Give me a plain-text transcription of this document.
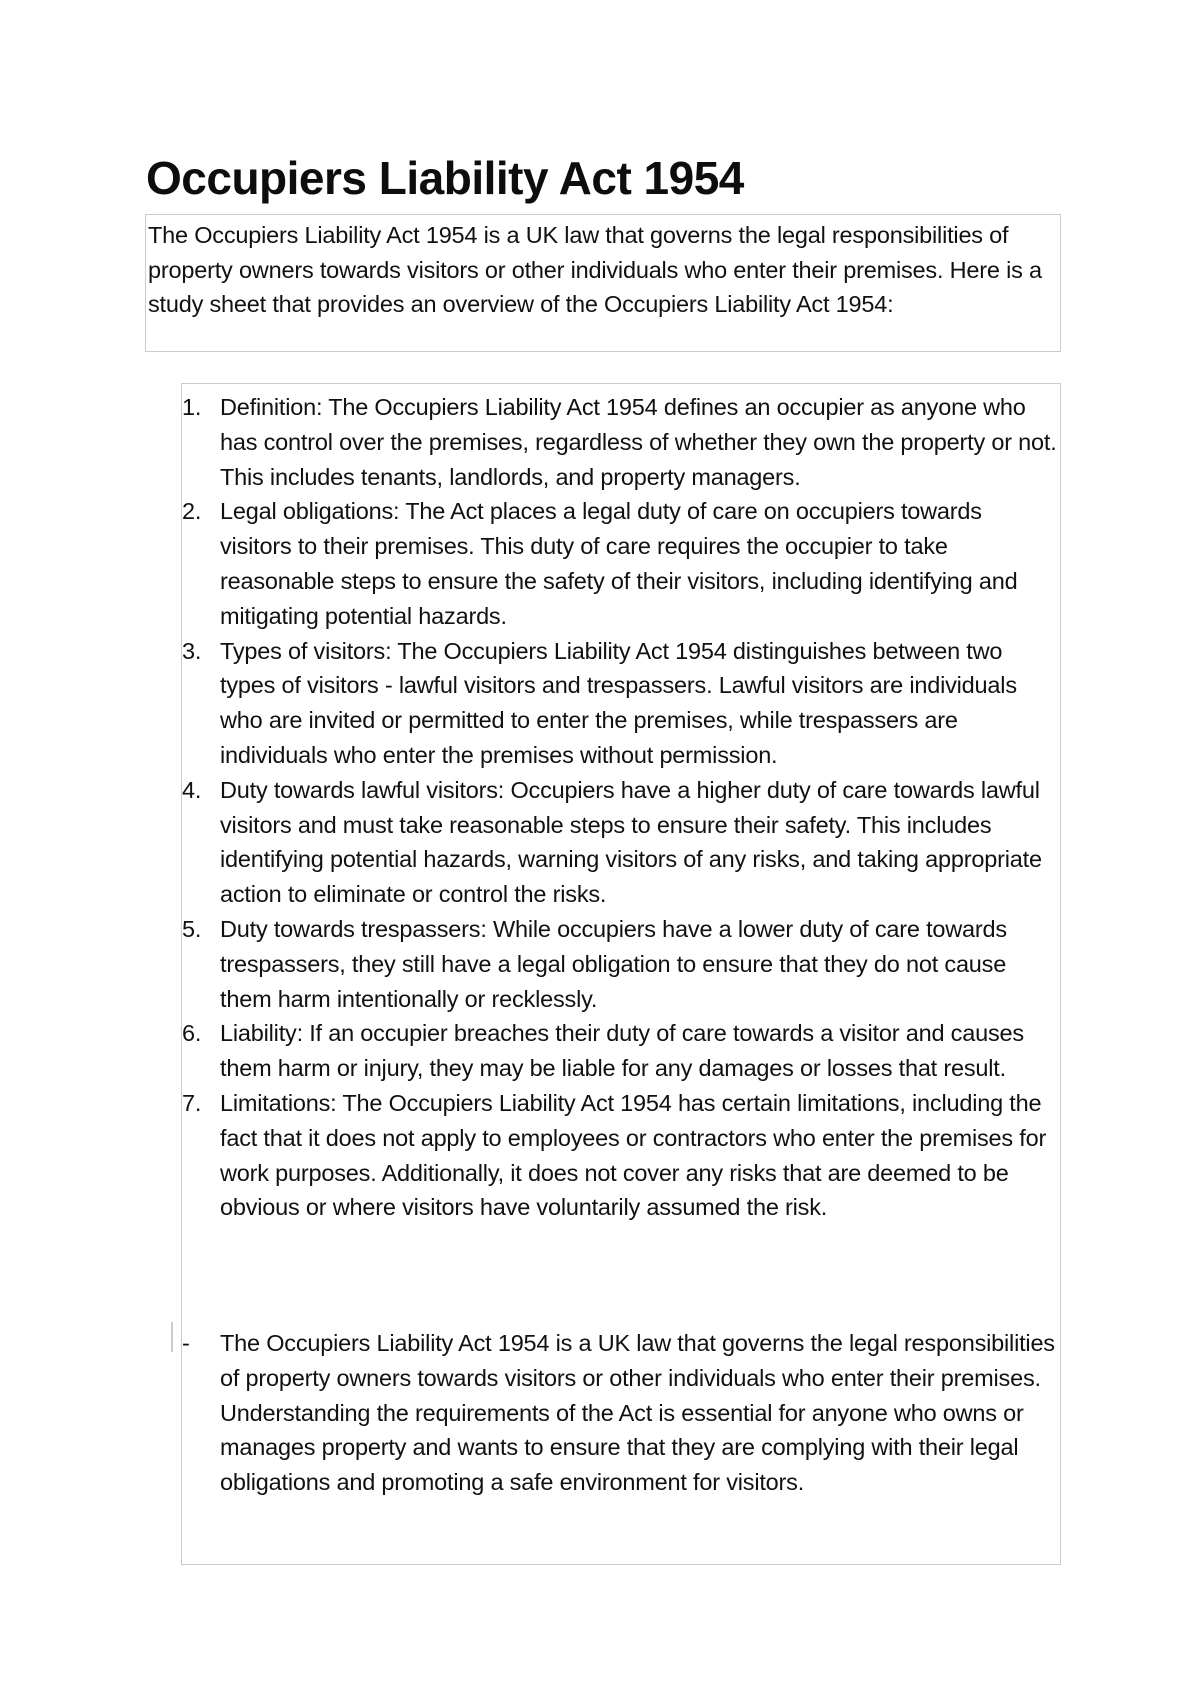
Occupiers Liability Act 1954

The Occupiers Liability Act 1954 is a UK law that governs the legal responsibilities of property owners towards visitors or other individuals who enter their premises. Here is a study sheet that provides an overview of the Occupiers Liability Act 1954:

1. Definition: The Occupiers Liability Act 1954 defines an occupier as anyone who has control over the premises, regardless of whether they own the property or not. This includes tenants, landlords, and property managers.
2. Legal obligations: The Act places a legal duty of care on occupiers towards visitors to their premises. This duty of care requires the occupier to take reasonable steps to ensure the safety of their visitors, including identifying and mitigating potential hazards.
3. Types of visitors: The Occupiers Liability Act 1954 distinguishes between two types of visitors - lawful visitors and trespassers. Lawful visitors are individuals who are invited or permitted to enter the premises, while trespassers are individuals who enter the premises without permission.
4. Duty towards lawful visitors: Occupiers have a higher duty of care towards lawful visitors and must take reasonable steps to ensure their safety. This includes identifying potential hazards, warning visitors of any risks, and taking appropriate action to eliminate or control the risks.
5. Duty towards trespassers: While occupiers have a lower duty of care towards trespassers, they still have a legal obligation to ensure that they do not cause them harm intentionally or recklessly.
6. Liability: If an occupier breaches their duty of care towards a visitor and causes them harm or injury, they may be liable for any damages or losses that result.
7. Limitations: The Occupiers Liability Act 1954 has certain limitations, including the fact that it does not apply to employees or contractors who enter the premises for work purposes. Additionally, it does not cover any risks that are deemed to be obvious or where visitors have voluntarily assumed the risk.
-	The Occupiers Liability Act 1954 is a UK law that governs the legal responsibilities of property owners towards visitors or other individuals who enter their premises. Understanding the requirements of the Act is essential for anyone who owns or manages property and wants to ensure that they are complying with their legal obligations and promoting a safe environment for visitors.
